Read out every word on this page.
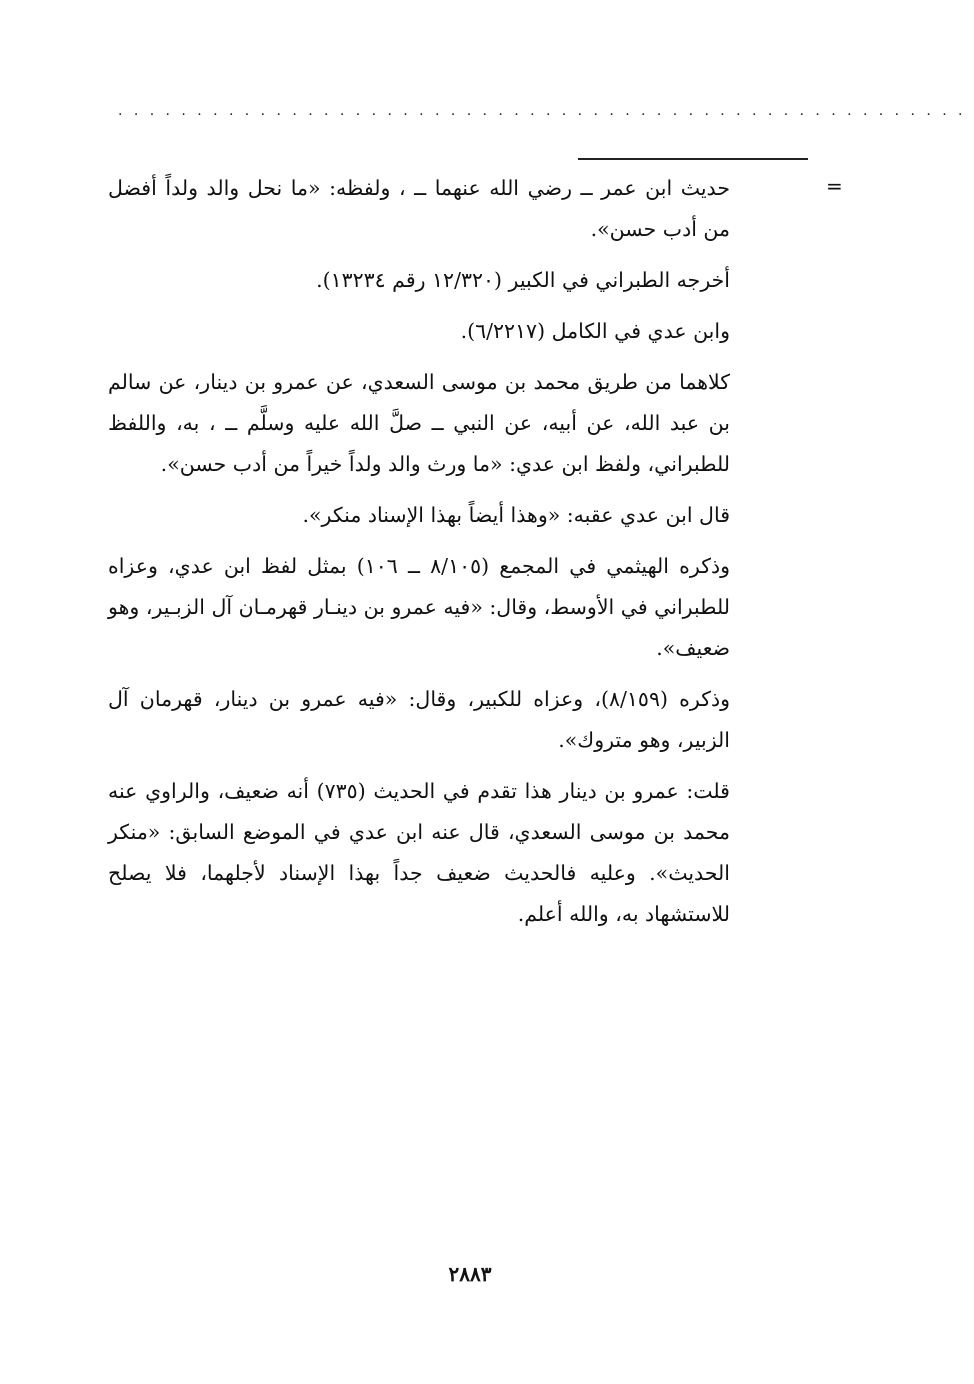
......................................................
=

حديث ابن عمر ــ رضي الله عنهما ــ ، ولفظه: «ما نحل والد ولداً أفضل من أدب حسن».

أخرجه الطبراني في الكبير (١٢/٣٢٠ رقم ١٣٢٣٤).

وابن عدي في الكامل (٦/٢٢١٧).

كلاهما من طريق محمد بن موسى السعدي، عن عمرو بن دينار، عن سالم بن عبد الله، عن أبيه، عن النبي ــ صلَّ الله عليه وسلَّم ــ ، به، واللفظ للطبراني، ولفظ ابن عدي: «ما ورث والد ولداً خيراً من أدب حسن».

قال ابن عدي عقبه: «وهذا أيضاً بهذا الإسناد منكر».

وذكره الهيثمي في المجمع (٨/١٠٥ ــ ١٠٦) بمثل لفظ ابن عدي، وعزاه للطبراني في الأوسط، وقال: «فيه عمرو بن دينـار قهرمـان آل الزبـير، وهو ضعيف».

وذكره (٨/١٥٩)، وعزاه للكبير، وقال: «فيه عمرو بن دينار، قهرمان آل الزبير، وهو متروك».

قلت: عمرو بن دينار هذا تقدم في الحديث (٧٣٥) أنه ضعيف، والراوي عنه محمد بن موسى السعدي، قال عنه ابن عدي في الموضع السابق: «منكر الحديث». وعليه فالحديث ضعيف جداً بهذا الإسناد لأجلهما، فلا يصلح للاستشهاد به، والله أعلم.

٢٨٨٣
